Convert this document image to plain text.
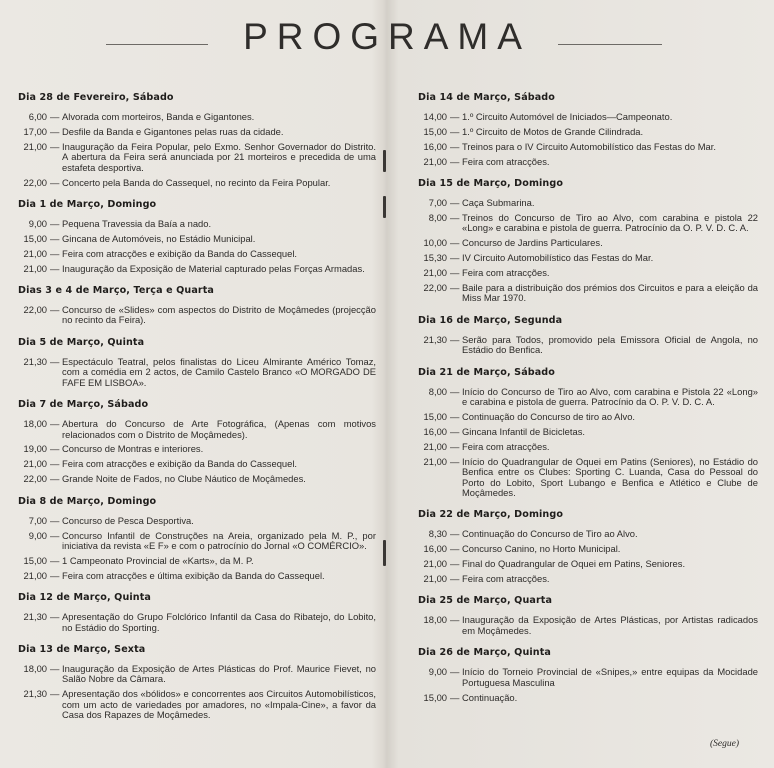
PROGRAMA
Dia 28 de Fevereiro, Sábado
6,00 — Alvorada com morteiros, Banda e Gigantones.
17,00 — Desfile da Banda e Gigantones pelas ruas da cidade.
21,00 — Inauguração da Feira Popular, pelo Exmo. Senhor Governador do Distrito. A abertura da Feira será anunciada por 21 morteiros e precedida de uma estafeta desportiva.
22,00 — Concerto pela Banda do Cassequel, no recinto da Feira Popular.
Dia 1 de Março, Domingo
9,00 — Pequena Travessia da Baía a nado.
15,00 — Gincana de Automóveis, no Estádio Municipal.
21,00 — Feira com atracções e exibição da Banda do Cassequel.
21,00 — Inauguração da Exposição de Material capturado pelas Forças Armadas.
Dias 3 e 4 de Março, Terça e Quarta
22,00 — Concurso de «Slides» com aspectos do Distrito de Moçâmedes (projecção no recinto da Feira).
Dia 5 de Março, Quinta
21,30 — Espectáculo Teatral, pelos finalistas do Liceu Almirante Américo Tomaz, com a comédia em 2 actos, de Camilo Castelo Branco «O MORGADO DE FAFE EM LISBOA».
Dia 7 de Março, Sábado
18,00 — Abertura do Concurso de Arte Fotográfica, (Apenas com motivos relacionados com o Distrito de Moçâmedes).
19,00 — Concurso de Montras e interiores.
21,00 — Feira com atracções e exibição da Banda do Cassequel.
22,00 — Grande Noite de Fados, no Clube Náutico de Moçâmedes.
Dia 8 de Março, Domingo
7,00 — Concurso de Pesca Desportiva.
9,00 — Concurso Infantil de Construções na Areia, organizado pela M. P., por iniciativa da revista «E F» e com o patrocínio do Jornal «O COMÉRCIO».
15,00 — 1 Campeonato Provincial de «Karts», da M. P.
21,00 — Feira com atracções e última exibição da Banda do Cassequel.
Dia 12 de Março, Quinta
21,30 — Apresentação do Grupo Folclórico Infantil da Casa do Ribatejo, do Lobito, no Estádio do Sporting.
Dia 13 de Março, Sexta
18,00 — Inauguração da Exposição de Artes Plásticas do Prof. Maurice Fievet, no Salão Nobre da Câmara.
21,30 — Apresentação dos «bólidos» e concorrentes aos Circuitos Automobilísticos, com um acto de variedades por amadores, no «Impala-Cine», a favor da Casa dos Rapazes de Moçâmedes.
Dia 14 de Março, Sábado
14,00 — 1.º Circuito Automóvel de Iniciados—Campeonato.
15,00 — 1.º Circuito de Motos de Grande Cilindrada.
16,00 — Treinos para o IV Circuito Automobilístico das Festas do Mar.
21,00 — Feira com atracções.
Dia 15 de Março, Domingo
7,00 — Caça Submarina.
8,00 — Treinos do Concurso de Tiro ao Alvo, com carabina e pistola 22 «Long» e carabina e pistola de guerra. Patrocínio da O. P. V. D. C. A.
10,00 — Concurso de Jardins Particulares.
15,30 — IV Circuito Automobilístico das Festas do Mar.
21,00 — Feira com atracções.
22,00 — Baile para a distribuição dos prémios dos Circuitos e para a eleição da Miss Mar 1970.
Dia 16 de Março, Segunda
21,30 — Serão para Todos, promovido pela Emissora Oficial de Angola, no Estádio do Benfica.
Dia 21 de Março, Sábado
8,00 — Início do Concurso de Tiro ao Alvo, com carabina e Pistola 22 «Long» e carabina e pistola de guerra. Patrocínio da O. P. V. D. C. A.
15,00 — Continuação do Concurso de tiro ao Alvo.
16,00 — Gincana Infantil de Bicicletas.
21,00 — Feira com atracções.
21,00 — Início do Quadrangular de Oquei em Patins (Seniores), no Estádio do Benfica entre os Clubes: Sporting C. Luanda, Casa do Pessoal do Porto do Lobito, Sport Lubango e Benfica e Atlético e Clube de Moçâmedes.
Dia 22 de Março, Domingo
8,30 — Continuação do Concurso de Tiro ao Alvo.
16,00 — Concurso Canino, no Horto Municipal.
21,00 — Final do Quadrangular de Oquei em Patins, Seniores.
21,00 — Feira com atracções.
Dia 25 de Março, Quarta
18,00 — Inauguração da Exposição de Artes Plásticas, por Artistas radicados em Moçâmedes.
Dia 26 de Março, Quinta
9,00 — Início do Torneio Provincial de «Snipes,» entre equipas da Mocidade Portuguesa Masculina
15,00 — Continuação.
(Segue)
